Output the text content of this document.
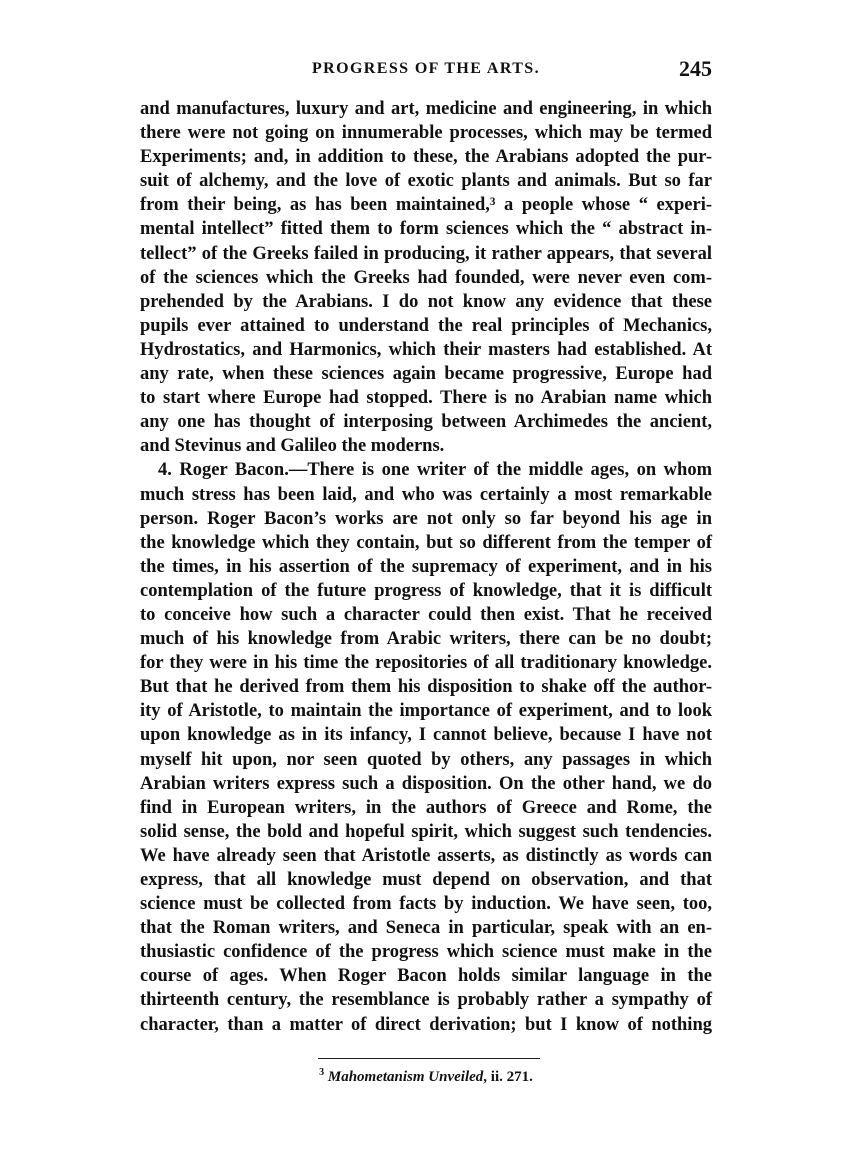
PROGRESS OF THE ARTS.	245
and manufactures, luxury and art, medicine and engineering, in which
there were not going on innumerable processes, which may be termed
Experiments; and, in addition to these, the Arabians adopted the pur-
suit of alchemy, and the love of exotic plants and animals. But so far
from their being, as has been maintained,³ a people whose “ experi-
mental intellect” fitted them to form sciences which the “ abstract in-
tellect” of the Greeks failed in producing, it rather appears, that several
of the sciences which the Greeks had founded, were never even com-
prehended by the Arabians. I do not know any evidence that these
pupils ever attained to understand the real principles of Mechanics,
Hydrostatics, and Harmonics, which their masters had established. At
any rate, when these sciences again became progressive, Europe had
to start where Europe had stopped. There is no Arabian name which
any one has thought of interposing between Archimedes the ancient,
and Stevinus and Galileo the moderns.
4. Roger Bacon.—There is one writer of the middle ages, on whom
much stress has been laid, and who was certainly a most remarkable
person. Roger Bacon’s works are not only so far beyond his age in
the knowledge which they contain, but so different from the temper of
the times, in his assertion of the supremacy of experiment, and in his
contemplation of the future progress of knowledge, that it is difficult
to conceive how such a character could then exist. That he received
much of his knowledge from Arabic writers, there can be no doubt;
for they were in his time the repositories of all traditionary knowledge.
But that he derived from them his disposition to shake off the author-
ity of Aristotle, to maintain the importance of experiment, and to look
upon knowledge as in its infancy, I cannot believe, because I have not
myself hit upon, nor seen quoted by others, any passages in which
Arabian writers express such a disposition. On the other hand, we do
find in European writers, in the authors of Greece and Rome, the
solid sense, the bold and hopeful spirit, which suggest such tendencies.
We have already seen that Aristotle asserts, as distinctly as words can
express, that all knowledge must depend on observation, and that
science must be collected from facts by induction. We have seen, too,
that the Roman writers, and Seneca in particular, speak with an en-
thusiastic confidence of the progress which science must make in the
course of ages. When Roger Bacon holds similar language in the
thirteenth century, the resemblance is probably rather a sympathy of
character, than a matter of direct derivation; but I know of nothing
$^3$ Mahometanism Unveiled, ii. 271.
